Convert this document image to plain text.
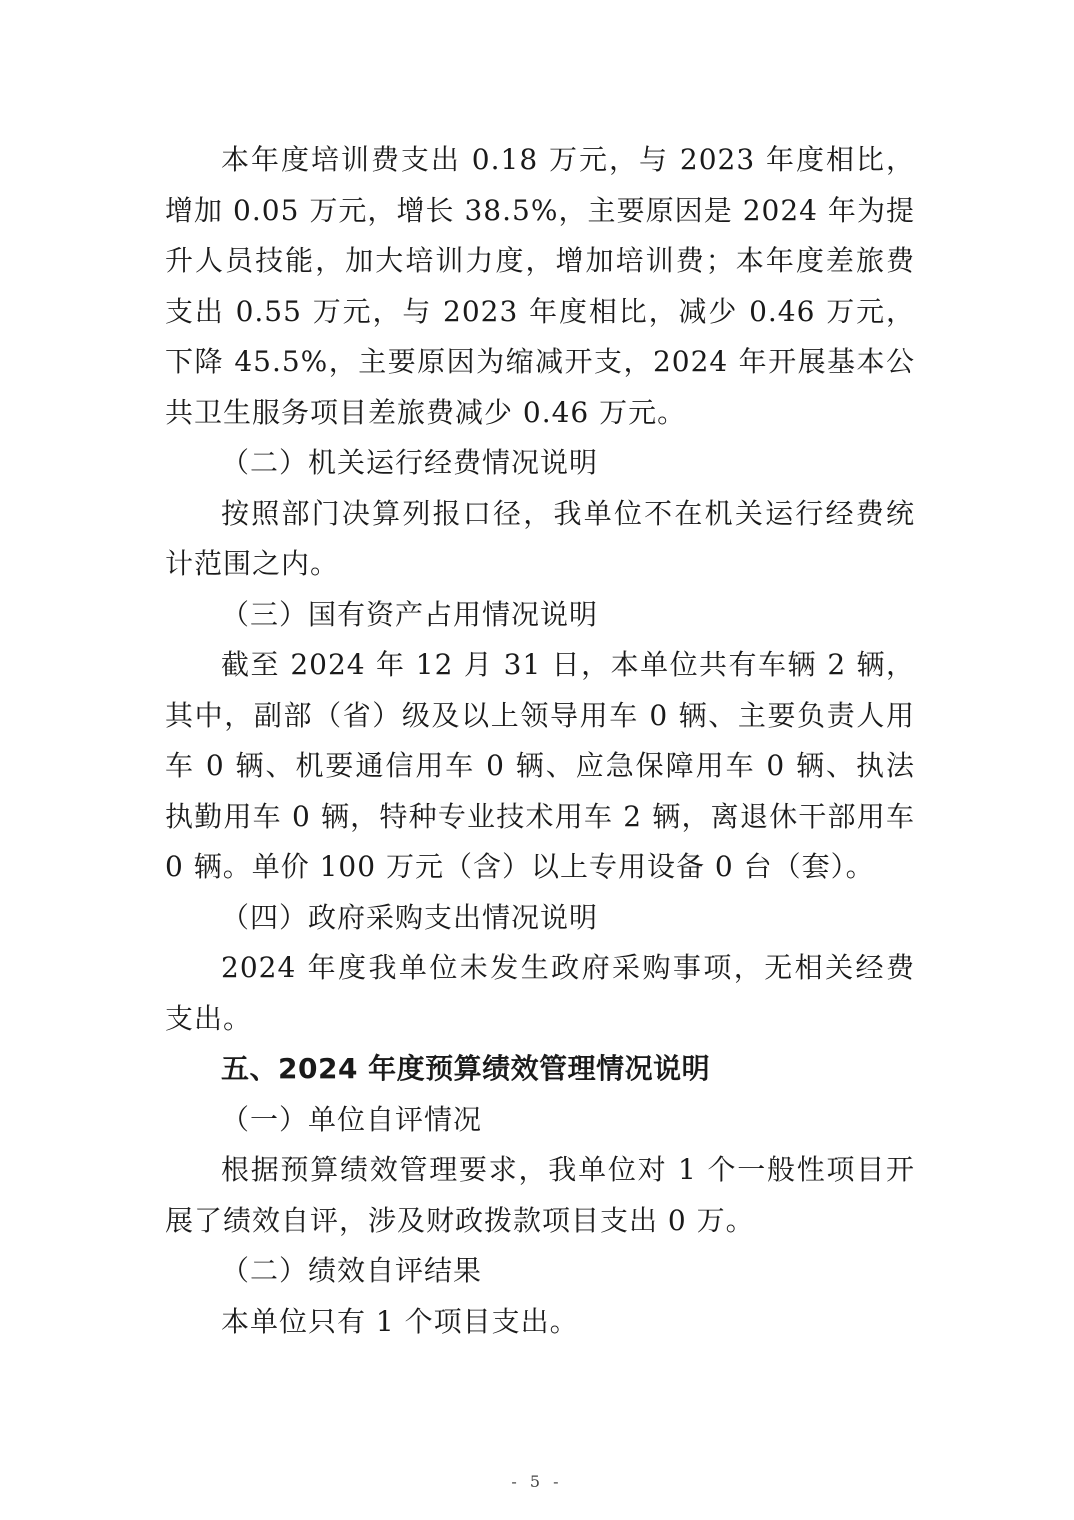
本年度培训费支出 0.18 万元，与 2023 年度相比，增加 0.05 万元，增长 38.5%，主要原因是 2024 年为提升人员技能，加大培训力度，增加培训费；本年度差旅费支出 0.55 万元，与 2023 年度相比，减少 0.46 万元，下降 45.5%，主要原因为缩减开支，2024 年开展基本公共卫生服务项目差旅费减少 0.46 万元。

（二）机关运行经费情况说明

按照部门决算列报口径，我单位不在机关运行经费统计范围之内。

（三）国有资产占用情况说明

截至 2024 年 12 月 31 日，本单位共有车辆 2 辆，其中，副部（省）级及以上领导用车 0 辆、主要负责人用车 0 辆、机要通信用车 0 辆、应急保障用车 0 辆、执法执勤用车 0 辆，特种专业技术用车 2 辆，离退休干部用车 0 辆。单价 100 万元（含）以上专用设备 0 台（套）。

（四）政府采购支出情况说明

2024 年度我单位未发生政府采购事项，无相关经费支出。

五、2024 年度预算绩效管理情况说明

（一）单位自评情况

根据预算绩效管理要求，我单位对 1 个一般性项目开展了绩效自评，涉及财政拨款项目支出 0 万。

（二）绩效自评结果

本单位只有 1 个项目支出。

- 5 -
